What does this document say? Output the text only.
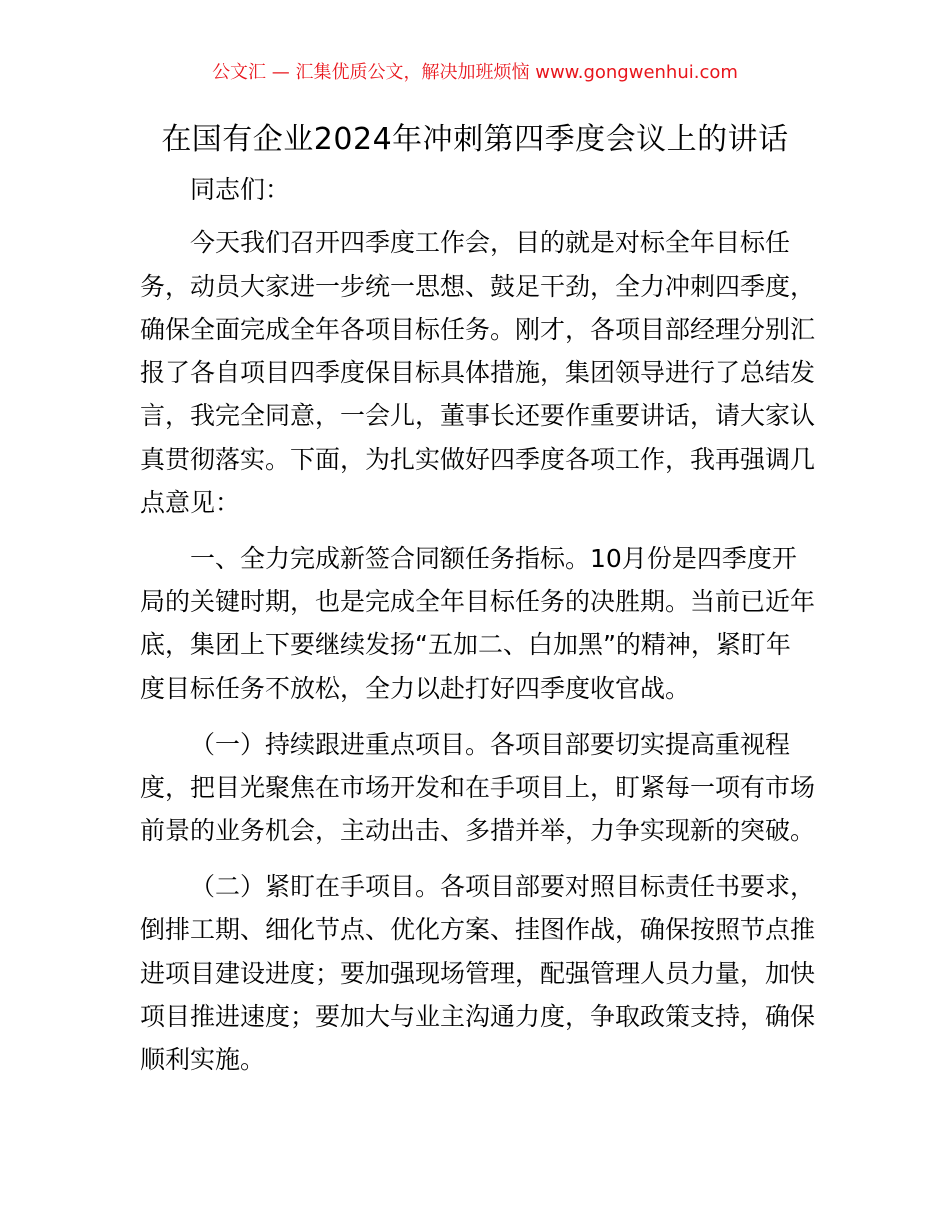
公文汇 — 汇集优质公文，解决加班烦恼 www.gongwenhui.com
在国有企业2024年冲刺第四季度会议上的讲话
同志们：
今天我们召开四季度工作会，目的就是对标全年目标任
务，动员大家进一步统一思想、鼓足干劲，全力冲刺四季度，
确保全面完成全年各项目标任务。刚才，各项目部经理分别汇
报了各自项目四季度保目标具体措施，集团领导进行了总结发
言，我完全同意，一会儿，董事长还要作重要讲话，请大家认
真贯彻落实。下面，为扎实做好四季度各项工作，我再强调几
点意见：
一、全力完成新签合同额任务指标。10月份是四季度开
局的关键时期，也是完成全年目标任务的决胜期。当前已近年
底，集团上下要继续发扬“五加二、白加黑”的精神，紧盯年
度目标任务不放松，全力以赴打好四季度收官战。
（一）持续跟进重点项目。各项目部要切实提高重视程
度，把目光聚焦在市场开发和在手项目上，盯紧每一项有市场
前景的业务机会，主动出击、多措并举，力争实现新的突破。
（二）紧盯在手项目。各项目部要对照目标责任书要求，
倒排工期、细化节点、优化方案、挂图作战，确保按照节点推
进项目建设进度；要加强现场管理，配强管理人员力量，加快
项目推进速度；要加大与业主沟通力度，争取政策支持，确保
顺利实施。
